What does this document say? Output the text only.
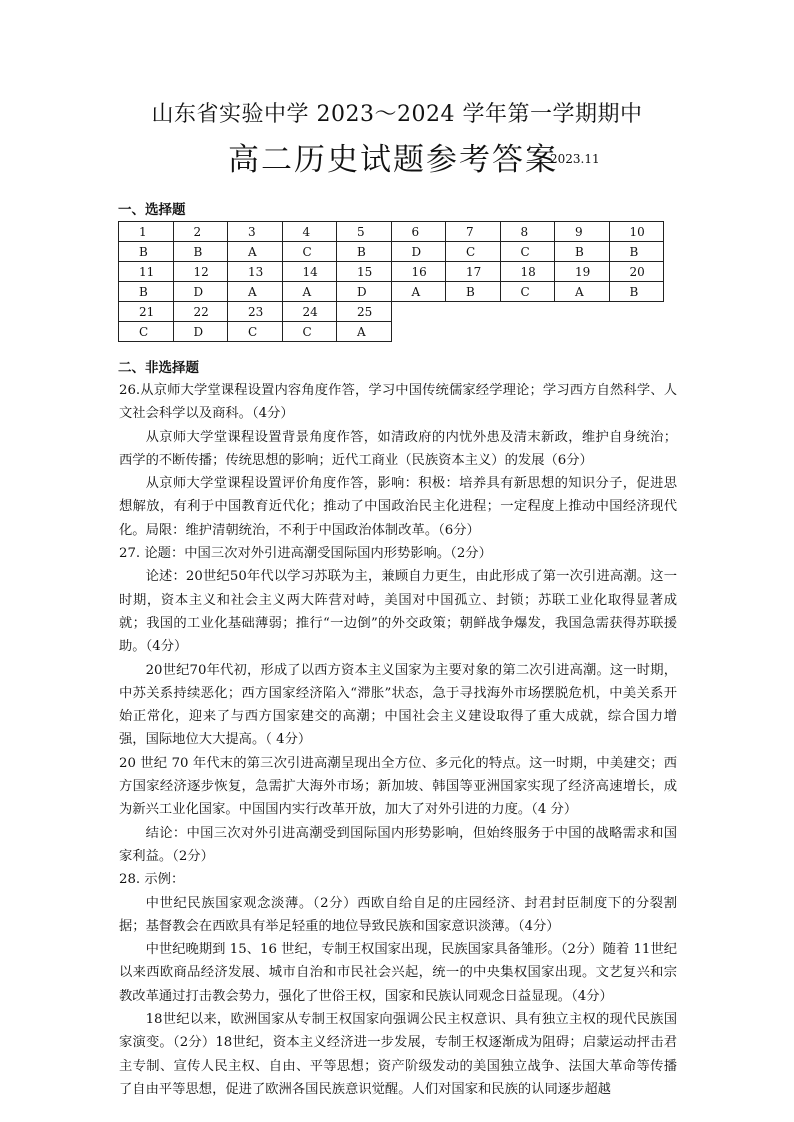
山东省实验中学 2023～2024 学年第一学期期中
高二历史试题参考答案
2023.11
一、选择题
1	2	3	4	5	6	7	8	9	10
B	B	A	C	B	D	C	C	B	B
11	12	13	14	15	16	17	18	19	20
B	D	A	A	D	A	B	C	A	B
21	22	23	24	25					
C	D	C	C	A					
二、非选择题

26.从京师大学堂课程设置内容角度作答，学习中国传统儒家经学理论；学习西方自然科学、人文社会科学以及商科。（4分）

从京师大学堂课程设置背景角度作答，如清政府的内忧外患及清末新政，维护自身统治；西学的不断传播；传统思想的影响；近代工商业（民族资本主义）的发展（6分）

从京师大学堂课程设置评价角度作答，影响：积极：培养具有新思想的知识分子，促进思想解放，有利于中国教育近代化；推动了中国政治民主化进程；一定程度上推动中国经济现代化。局限：维护清朝统治，不利于中国政治体制改革。（6分）

27. 论题：中国三次对外引进高潮受国际国内形势影响。（2分）

论述：20世纪50年代以学习苏联为主，兼顾自力更生，由此形成了第一次引进高潮。这一时期，资本主义和社会主义两大阵营对峙，美国对中国孤立、封锁；苏联工业化取得显著成就；我国的工业化基础薄弱；推行“一边倒”的外交政策；朝鲜战争爆发，我国急需获得苏联援助。（4分）

20世纪70年代初，形成了以西方资本主义国家为主要对象的第二次引进高潮。这一时期，中苏关系持续恶化；西方国家经济陷入“滞胀”状态，急于寻找海外市场摆脱危机，中美关系开始正常化，迎来了与西方国家建交的高潮；中国社会主义建设取得了重大成就，综合国力增强，国际地位大大提高。（ 4分）

20 世纪 70 年代末的第三次引进高潮呈现出全方位、多元化的特点。这一时期，中美建交；西方国家经济逐步恢复，急需扩大海外市场；新加坡、韩国等亚洲国家实现了经济高速增长，成为新兴工业化国家。中国国内实行改革开放，加大了对外引进的力度。（4 分）

结论：中国三次对外引进高潮受到国际国内形势影响，但始终服务于中国的战略需求和国家利益。（2分）

28. 示例：

中世纪民族国家观念淡薄。（2分）西欧自给自足的庄园经济、封君封臣制度下的分裂割据；基督教会在西欧具有举足轻重的地位导致民族和国家意识淡薄。（4分）

中世纪晚期到 15、16 世纪，专制王权国家出现，民族国家具备雏形。（2分）随着 11世纪以来西欧商品经济发展、城市自治和市民社会兴起，统一的中央集权国家出现。文艺复兴和宗教改革通过打击教会势力，强化了世俗王权，国家和民族认同观念日益显现。（4分）

18世纪以来，欧洲国家从专制王权国家向强调公民主权意识、具有独立主权的现代民族国家演变。（2分）18世纪，资本主义经济进一步发展，专制王权逐渐成为阻碍；启蒙运动抨击君主专制、宣传人民主权、自由、平等思想；资产阶级发动的美国独立战争、法国大革命等传播了自由平等思想，促进了欧洲各国民族意识觉醒。人们对国家和民族的认同逐步超越
